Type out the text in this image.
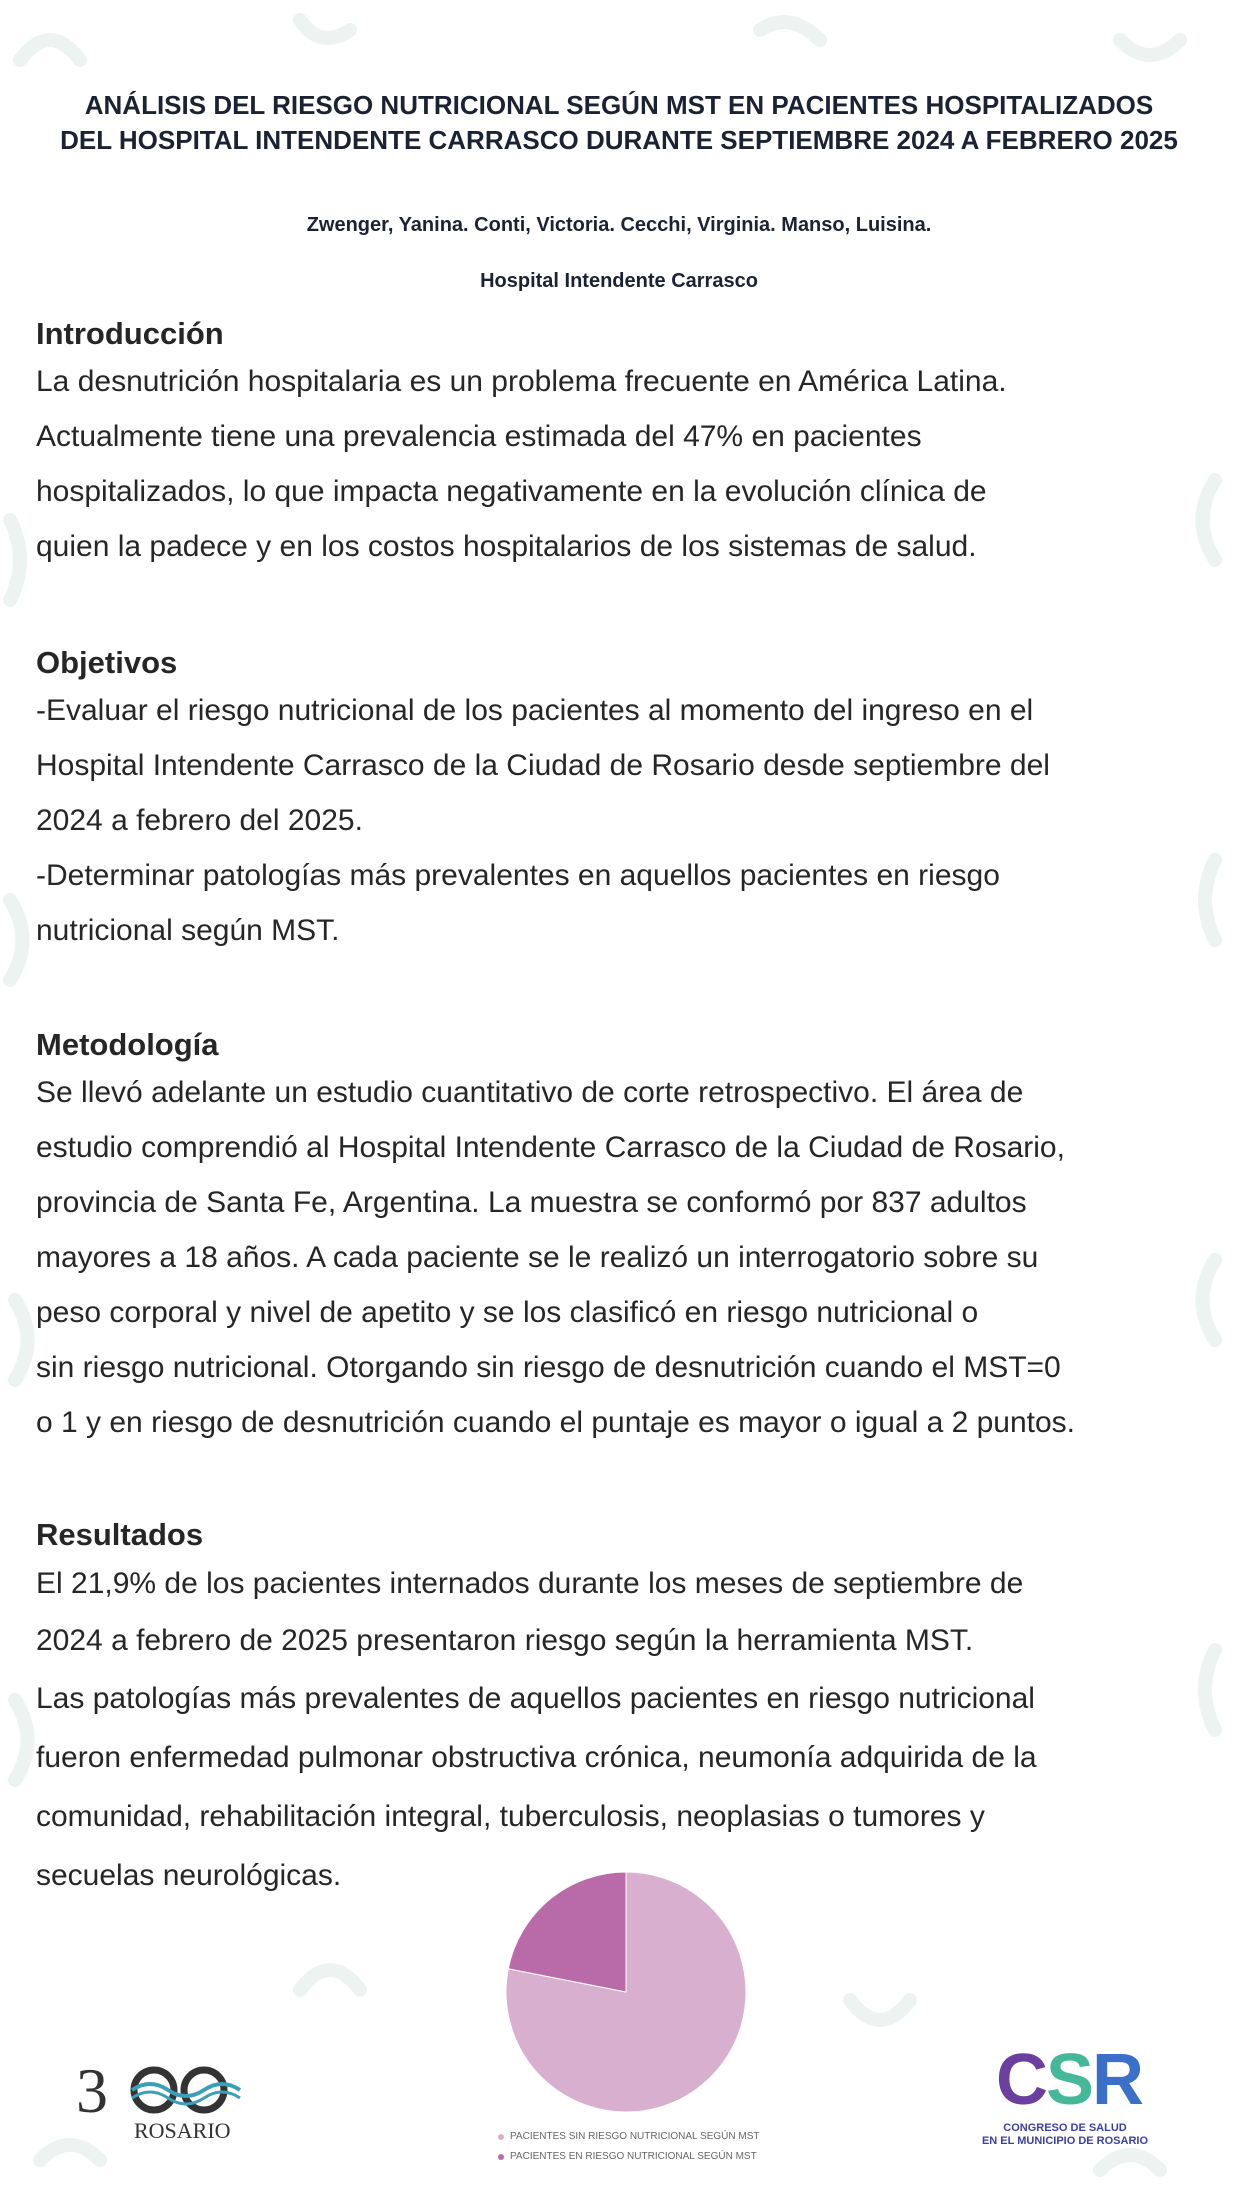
ANÁLISIS DEL RIESGO NUTRICIONAL SEGÚN MST EN PACIENTES HOSPITALIZADOS DEL HOSPITAL INTENDENTE CARRASCO DURANTE SEPTIEMBRE 2024 A FEBRERO 2025

Zwenger, Yanina. Conti, Victoria. Cecchi, Virginia. Manso, Luisina.

Hospital Intendente Carrasco

Introducción

La desnutrición hospitalaria es un problema frecuente en América Latina.
Actualmente tiene una prevalencia estimada del 47% en pacientes
hospitalizados, lo que impacta negativamente en la evolución clínica de
quien la padece y en los costos hospitalarios de los sistemas de salud.

Objetivos

-Evaluar el riesgo nutricional de los pacientes al momento del ingreso en el
Hospital Intendente Carrasco de la Ciudad de Rosario desde septiembre del
2024 a febrero del 2025.
-Determinar patologías más prevalentes en aquellos pacientes en riesgo
nutricional según MST.

Metodología

Se llevó adelante un estudio cuantitativo de corte retrospectivo. El área de
estudio comprendió al Hospital Intendente Carrasco de la Ciudad de Rosario,
provincia de Santa Fe, Argentina. La muestra se conformó por 837 adultos
mayores a 18 años. A cada paciente se le realizó un interrogatorio sobre su
peso corporal y nivel de apetito y se los clasificó en riesgo nutricional o
sin riesgo nutricional. Otorgando sin riesgo de desnutrición cuando el MST=0
o 1 y en riesgo de desnutrición cuando el puntaje es mayor o igual a 2 puntos.

Resultados

El 21,9% de los pacientes internados durante los meses de septiembre de
2024 a febrero de 2025 presentaron riesgo según la herramienta MST.

Las patologías más prevalentes de aquellos pacientes en riesgo nutricional
fueron enfermedad pulmonar obstructiva crónica, neumonía adquirida de la
comunidad, rehabilitación integral, tuberculosis, neoplasias o tumores y
secuelas neurológicas.

PACIENTES SIN RIESGO NUTRICIONAL SEGÚN MST
PACIENTES EN RIESGO NUTRICIONAL SEGÚN MST
3
ROSARIO
CSR
CONGRESO DE SALUD
EN EL MUNICIPIO DE ROSARIO
